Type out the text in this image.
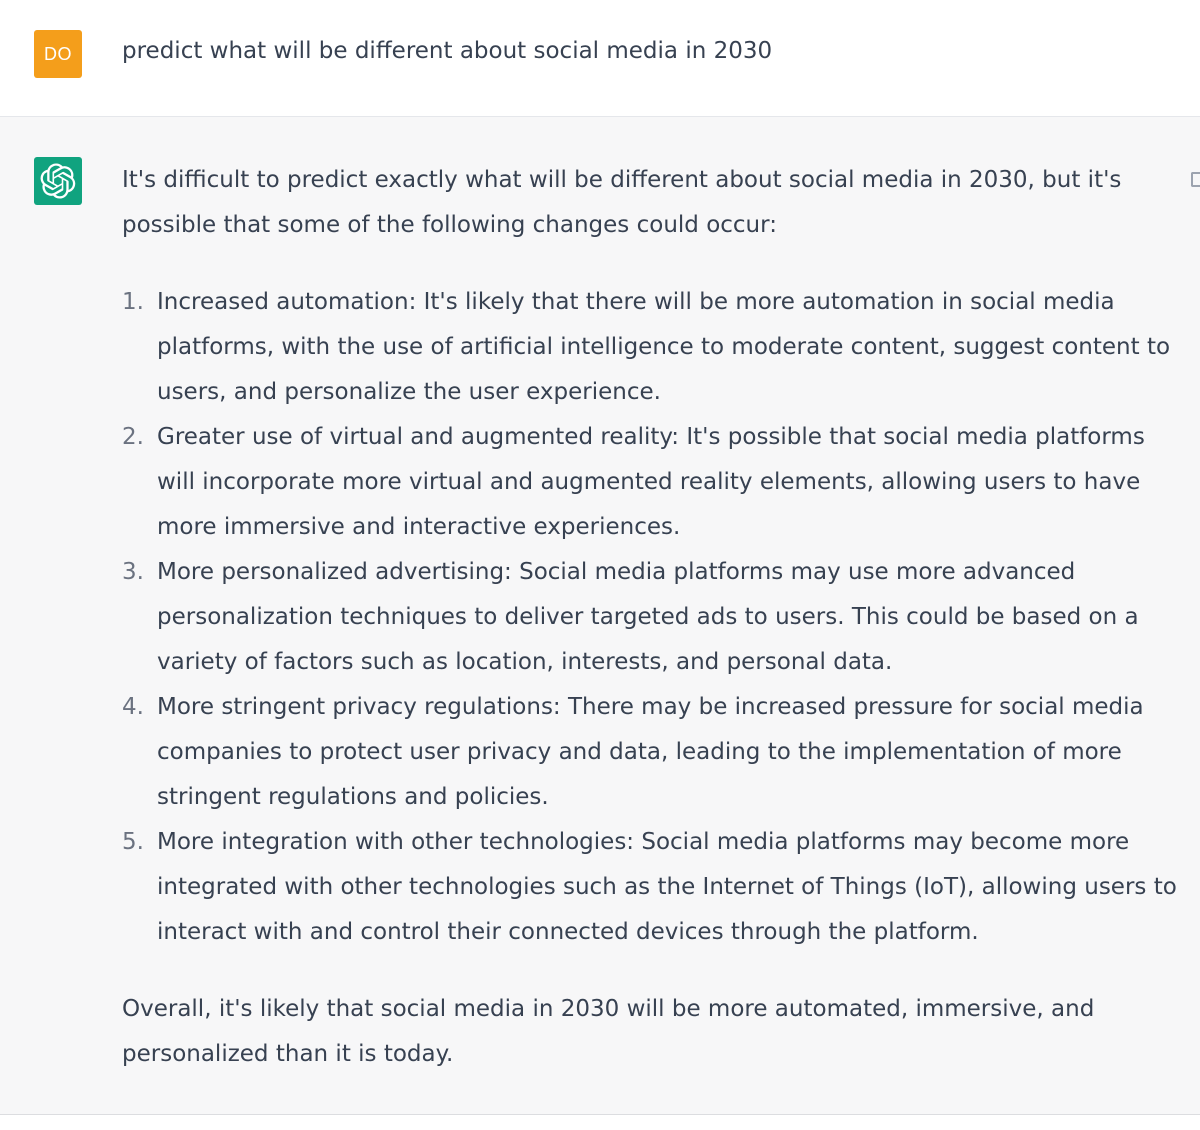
DO predict what will be different about social media in 2030

It's difficult to predict exactly what will be different about social media in 2030, but it's possible that some of the following changes could occur:

1. Increased automation: It's likely that there will be more automation in social media platforms, with the use of artificial intelligence to moderate content, suggest content to users, and personalize the user experience.
2. Greater use of virtual and augmented reality: It's possible that social media platforms will incorporate more virtual and augmented reality elements, allowing users to have more immersive and interactive experiences.
3. More personalized advertising: Social media platforms may use more advanced personalization techniques to deliver targeted ads to users. This could be based on a variety of factors such as location, interests, and personal data.
4. More stringent privacy regulations: There may be increased pressure for social media companies to protect user privacy and data, leading to the implementation of more stringent regulations and policies.
5. More integration with other technologies: Social media platforms may become more integrated with other technologies such as the Internet of Things (IoT), allowing users to interact with and control their connected devices through the platform.

Overall, it's likely that social media in 2030 will be more automated, immersive, and personalized than it is today.
